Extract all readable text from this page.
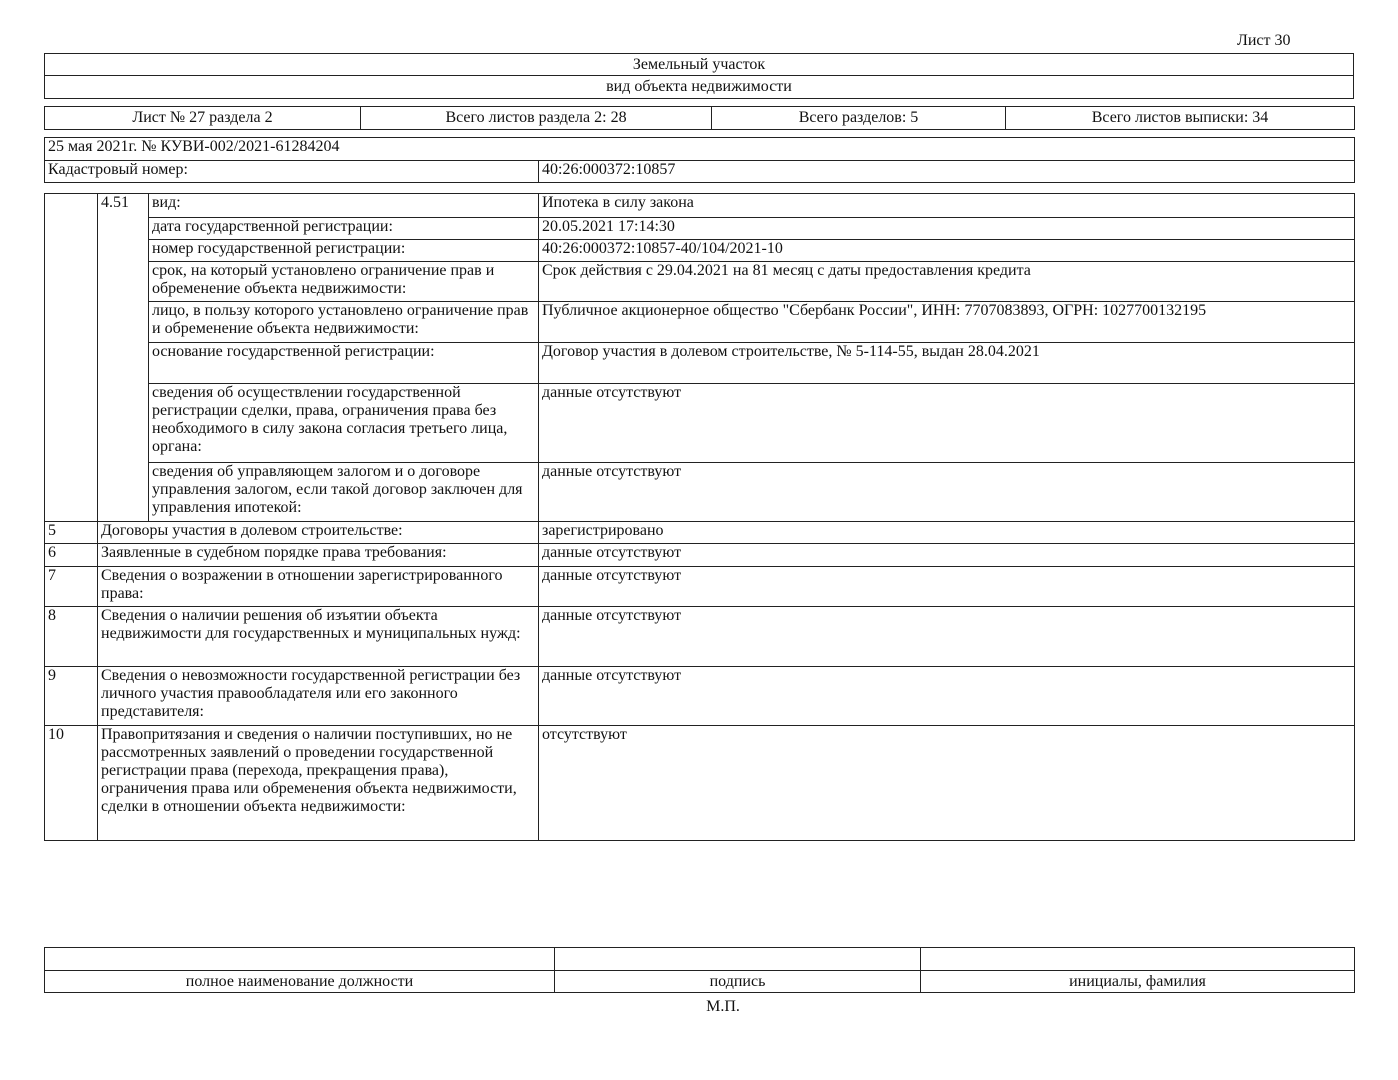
Лист 30
Земельный участок
вид объекта недвижимости
Лист № 27 раздела 2	Всего листов раздела 2: 28	Всего разделов: 5	Всего листов выписки: 34
25 мая 2021г. № КУВИ-002/2021-61284204
Кадастровый номер:	40:26:000372:10857
	4.51	вид:	Ипотека в силу закона
		дата государственной регистрации:	20.05.2021 17:14:30
		номер государственной регистрации:	40:26:000372:10857-40/104/2021-10
		срок, на который установлено ограничение прав и обременение объекта недвижимости:	Срок действия с 29.04.2021 на 81 месяц с даты предоставления кредита
		лицо, в пользу которого установлено ограничение прав и обременение объекта недвижимости:	Публичное акционерное общество "Сбербанк России", ИНН: 7707083893, ОГРН: 1027700132195
		основание государственной регистрации:	Договор участия в долевом строительстве, № 5-114-55, выдан 28.04.2021
		сведения об осуществлении государственной регистрации сделки, права, ограничения права без необходимого в силу закона согласия третьего лица, органа:	данные отсутствуют
		сведения об управляющем залогом и о договоре управления залогом, если такой договор заключен для управления ипотекой:	данные отсутствуют
5	Договоры участия в долевом строительстве:		зарегистрировано
6	Заявленные в судебном порядке права требования:		данные отсутствуют
7	Сведения о возражении в отношении зарегистрированного права:		данные отсутствуют
8	Сведения о наличии решения об изъятии объекта недвижимости для государственных и муниципальных нужд:		данные отсутствуют
9	Сведения о невозможности государственной регистрации без личного участия правообладателя или его законного представителя:		данные отсутствуют
10	Правопритязания и сведения о наличии поступивших, но не рассмотренных заявлений о проведении государственной регистрации права (перехода, прекращения права), ограничения права или обременения объекта недвижимости, сделки в отношении объекта недвижимости:		отсутствуют

полное наименование должности	подпись	инициалы, фамилия
М.П.
